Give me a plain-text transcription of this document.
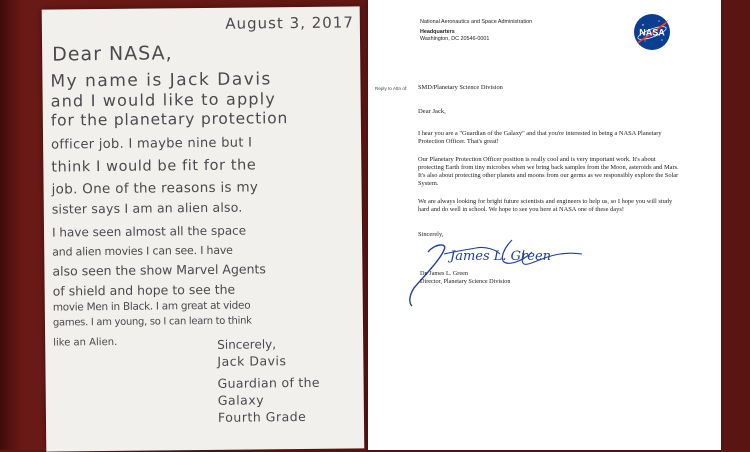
August 3, 2017
Dear NASA,
My name is Jack Davis
and I would like to apply
for the planetary protection
officer job. I maybe nine but I
think I would be fit for the
job. One of the reasons is my
sister says I am an alien also.
I have seen almost all the space
and alien movies I can see. I have
also seen the show Marvel Agents
of shield and hope to see the
movie Men in Black. I am great at video
games. I am young, so I can learn to think
like an Alien.	Sincerely,
Jack Davis
Guardian of the
Galaxy
Fourth Grade
National Aeronautics and Space Administration
Headquarters
Washington, DC 20546-0001
NASA
Reply to Attn of: SMD/Planetary Science Division
Dear Jack,
I hear you are a "Guardian of the Galaxy" and that you're interested in being a NASA Planetary Protection Officer. That's great!
Our Planetary Protection Officer position is really cool and is very important work. It's about protecting Earth from tiny microbes when we bring back samples from the Moon, asteroids and Mars. It's also about protecting other planets and moons from our germs as we responsibly explore the Solar System.
We are always looking for bright future scientists and engineers to help us, so I hope you will study hard and do well in school. We hope to see you here at NASA one of these days!
Sincerely,
James L. Green
Dr. James L. Green
Director, Planetary Science Division
